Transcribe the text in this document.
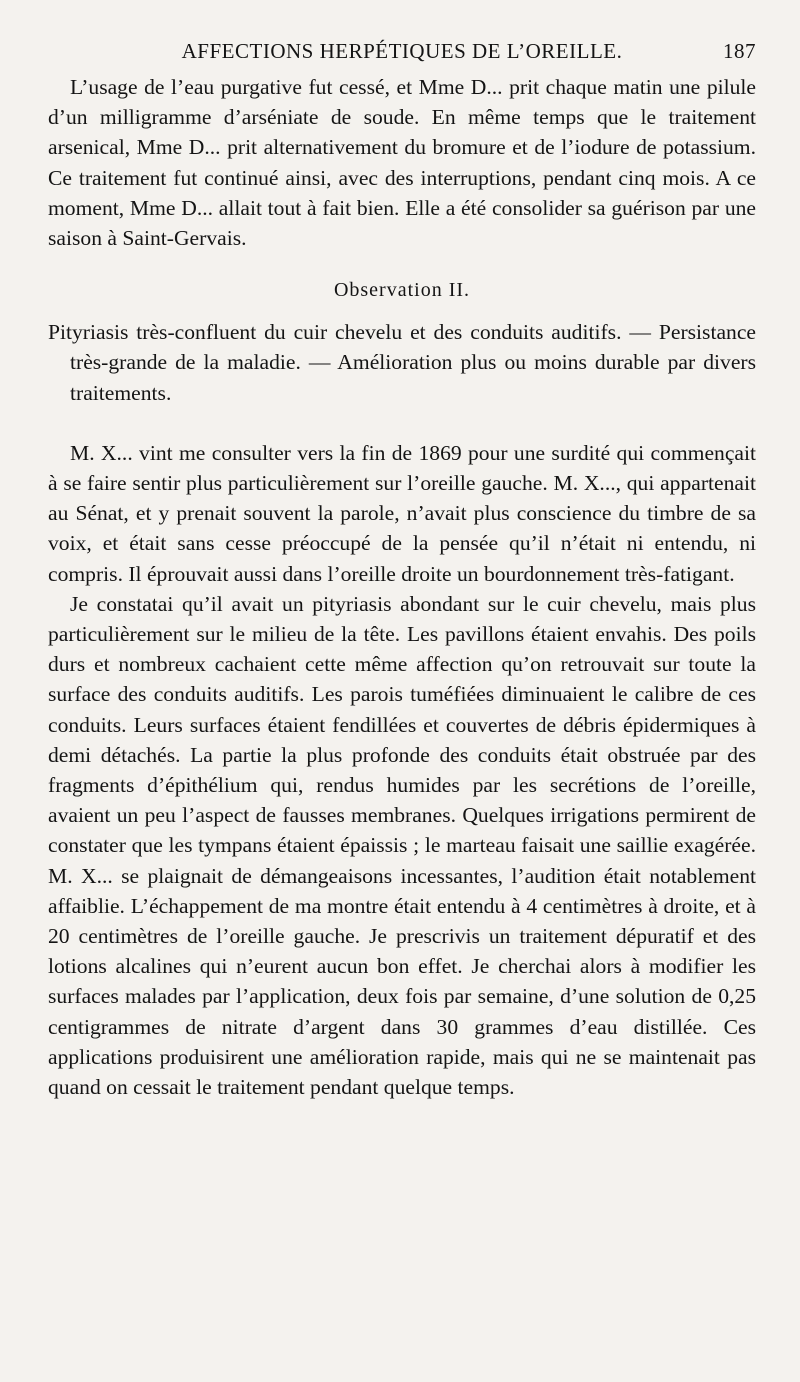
AFFECTIONS HERPÉTIQUES DE L’OREILLE.	187

L’usage de l’eau purgative fut cessé, et Mme D... prit chaque matin une pilule d’un milligramme d’arséniate de soude. En même temps que le traitement arsenical, Mme D... prit alternativement du bromure et de l’iodure de potassium. Ce traitement fut continué ainsi, avec des interruptions, pendant cinq mois. A ce moment, Mme D... allait tout à fait bien. Elle a été consolider sa guérison par une saison à Saint-Gervais.

Observation II.

Pityriasis très-confluent du cuir chevelu et des conduits auditifs. — Persistance très-grande de la maladie. — Amélioration plus ou moins durable par divers traitements.

M. X... vint me consulter vers la fin de 1869 pour une surdité qui commençait à se faire sentir plus particulièrement sur l’oreille gauche. M. X..., qui appartenait au Sénat, et y prenait souvent la parole, n’avait plus conscience du timbre de sa voix, et était sans cesse préoccupé de la pensée qu’il n’était ni entendu, ni compris. Il éprouvait aussi dans l’oreille droite un bourdonnement très-fatigant.

Je constatai qu’il avait un pityriasis abondant sur le cuir chevelu, mais plus particulièrement sur le milieu de la tête. Les pavillons étaient envahis. Des poils durs et nombreux cachaient cette même affection qu’on retrouvait sur toute la surface des conduits auditifs. Les parois tuméfiées diminuaient le calibre de ces conduits. Leurs surfaces étaient fendillées et couvertes de débris épidermiques à demi détachés. La partie la plus profonde des conduits était obstruée par des fragments d’épithélium qui, rendus humides par les secrétions de l’oreille, avaient un peu l’aspect de fausses membranes. Quelques irrigations permirent de constater que les tympans étaient épaissis ; le marteau faisait une saillie exagérée. M. X... se plaignait de démangeaisons incessantes, l’audition était notablement affaiblie. L’échappement de ma montre était entendu à 4 centimètres à droite, et à 20 centimètres de l’oreille gauche. Je prescrivis un traitement dépuratif et des lotions alcalines qui n’eurent aucun bon effet. Je cherchai alors à modifier les surfaces malades par l’application, deux fois par semaine, d’une solution de 0,25 centigrammes de nitrate d’argent dans 30 grammes d’eau distillée. Ces applications produisirent une amélioration rapide, mais qui ne se maintenait pas quand on cessait le traitement pendant quelque temps.
